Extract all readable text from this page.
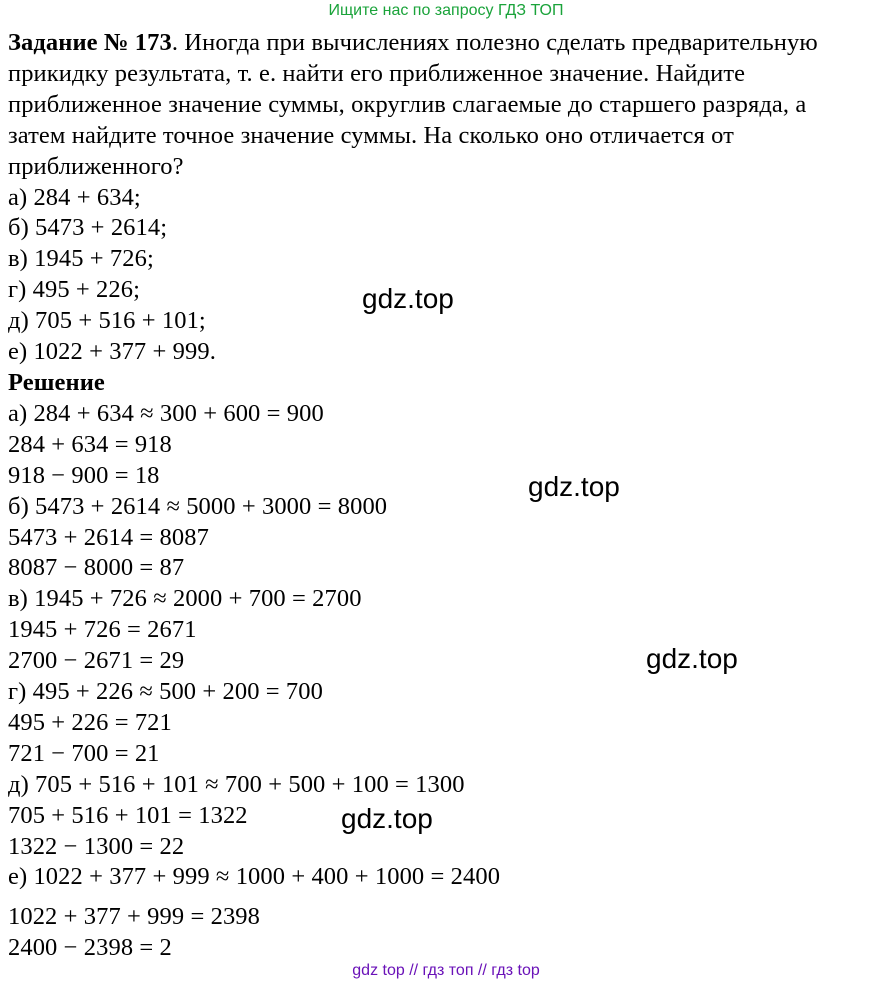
Ищите нас по запросу ГДЗ ТОП
Задание № 173. Иногда при вычислениях полезно сделать предварительную
прикидку результата, т. е. найти его приближенное значение. Найдите
приближенное значение суммы, округлив слагаемые до старшего разряда, а
затем найдите точное значение суммы. На сколько оно отличается от
приближенного?
а) 284 + 634;
б) 5473 + 2614;
в) 1945 + 726;
г) 495 + 226;
д) 705 + 516 + 101;
е) 1022 + 377 + 999.
Решение
а) 284 + 634 ≈ 300 + 600 = 900
284 + 634 = 918
918 − 900 = 18
б) 5473 + 2614 ≈ 5000 + 3000 = 8000
5473 + 2614 = 8087
8087 − 8000 = 87
в) 1945 + 726 ≈ 2000 + 700 = 2700
1945 + 726 = 2671
2700 − 2671 = 29
г) 495 + 226 ≈ 500 + 200 = 700
495 + 226 = 721
721 − 700 = 21
д) 705 + 516 + 101 ≈ 700 + 500 + 100 = 1300
705 + 516 + 101 = 1322
1322 − 1300 = 22
е) 1022 + 377 + 999 ≈ 1000 + 400 + 1000 = 2400
1022 + 377 + 999 = 2398
2400 − 2398 = 2
gdz.top
gdz.top
gdz.top
gdz.top
gdz top // гдз топ // гдз top
